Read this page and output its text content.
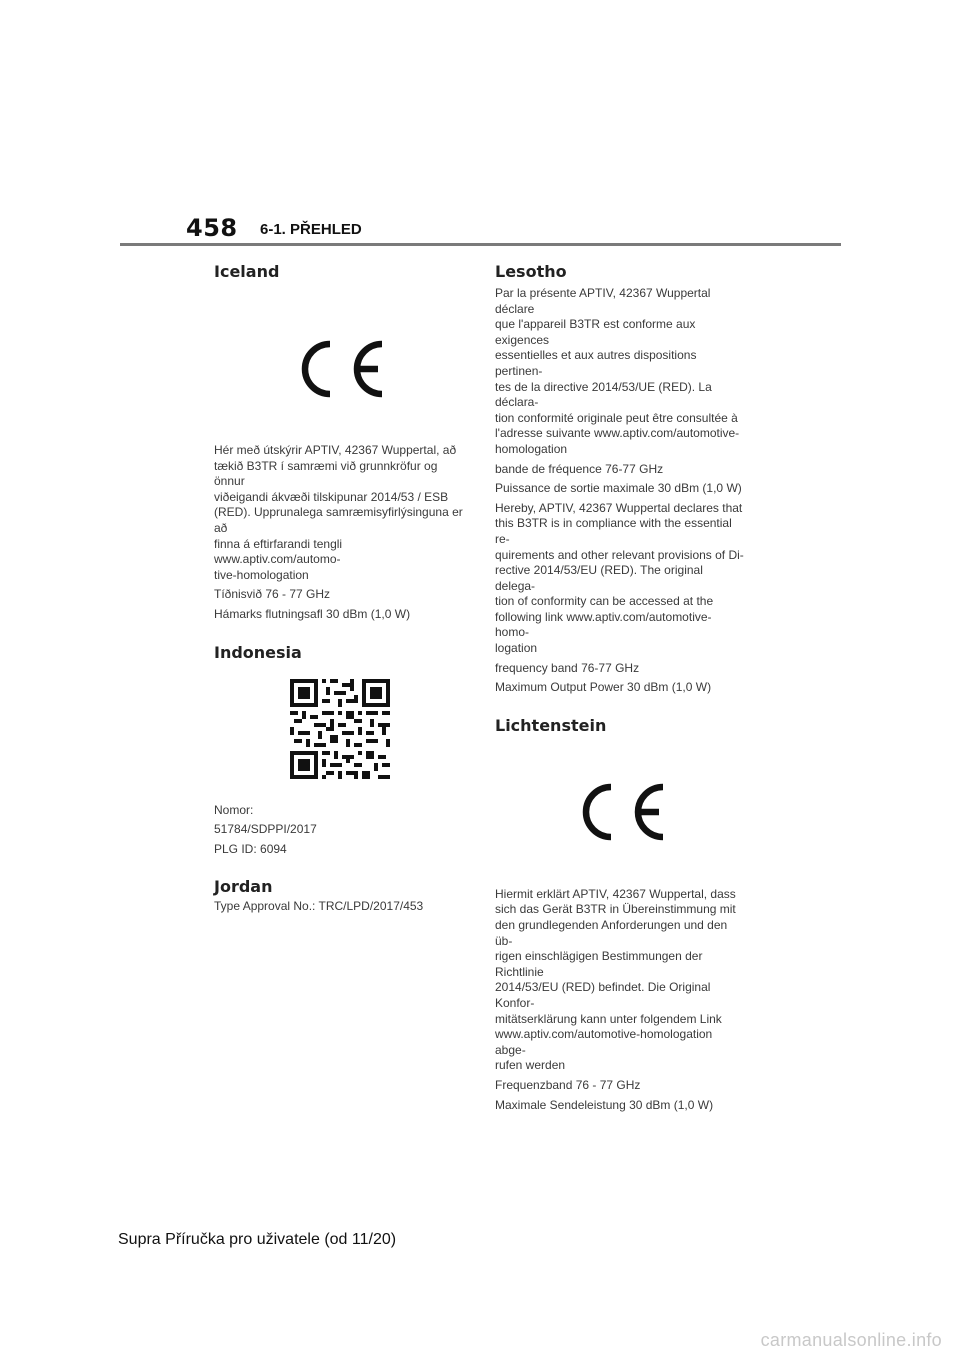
458 6-1. PŘEHLED
Iceland

Hér með útskýrir APTIV, 42367 Wuppertal, að

tækið B3TR í samræmi við grunnkröfur og önnur

viðeigandi ákvæði tilskipunar 2014/53 / ESB

(RED). Upprunalega samræmisyfirlýsinguna er að

finna á eftirfarandi tengli www.aptiv.com/automo-

tive-homologation

Tíðnisvið 76 - 77 GHz

Hámarks flutningsafl 30 dBm (1,0 W)

Indonesia

Nomor:

51784/SDPPI/2017

PLG ID: 6094

Jordan

Type Approval No.: TRC/LPD/2017/453

Lesotho

Par la présente APTIV, 42367 Wuppertal déclare

que l'appareil B3TR est conforme aux exigences

essentielles et aux autres dispositions pertinen-

tes de la directive 2014/53/UE (RED). La déclara-

tion conformité originale peut être consultée à

l'adresse suivante www.aptiv.com/automotive-

homologation

bande de fréquence 76-77 GHz

Puissance de sortie maximale 30 dBm (1,0 W)

Hereby, APTIV, 42367 Wuppertal declares that

this B3TR is in compliance with the essential re-

quirements and other relevant provisions of Di-

rective 2014/53/EU (RED). The original delega-

tion of conformity can be accessed at the

following link www.aptiv.com/automotive-homo-

logation

frequency band 76-77 GHz

Maximum Output Power 30 dBm (1,0 W)

Lichtenstein

Hiermit erklärt APTIV, 42367 Wuppertal, dass

sich das Gerät B3TR in Übereinstimmung mit

den grundlegenden Anforderungen und den üb-

rigen einschlägigen Bestimmungen der Richtlinie

2014/53/EU (RED) befindet. Die Original Konfor-

mitätserklärung kann unter folgendem Link

www.aptiv.com/automotive-homologation abge-

rufen werden

Frequenzband 76 - 77 GHz

Maximale Sendeleistung 30 dBm (1,0 W)

Supra Příručka pro uživatele (od 11/20)
carmanualsonline.info
